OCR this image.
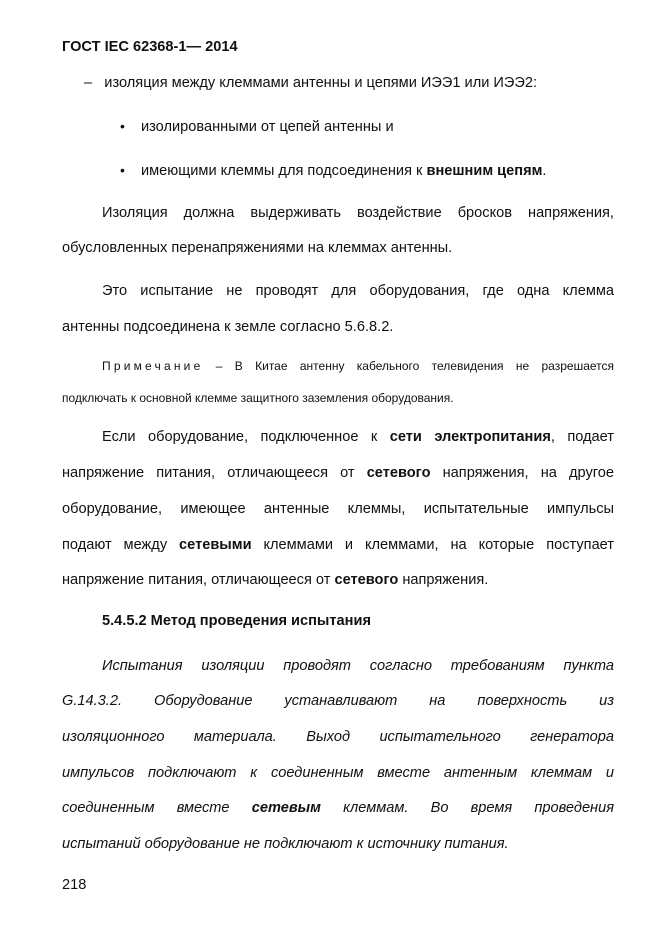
ГОСТ IEC 62368-1— 2014
– изоляция между клеммами антенны и цепями ИЭЭ1 или ИЭЭ2:
• изолированными от цепей антенны и
• имеющими клеммы для подсоединения к внешним цепям.
Изоляция должна выдерживать воздействие бросков напряжения,
обусловленных перенапряжениями на клеммах антенны.
Это испытание не проводят для оборудования, где одна клемма
антенны подсоединена к земле согласно 5.6.8.2.
Примечание – В Китае антенну кабельного телевидения не разрешается
подключать к основной клемме защитного заземления оборудования.
Если оборудование, подключенное к сети электропитания, подает
напряжение питания, отличающееся от сетевого напряжения, на другое
оборудование, имеющее антенные клеммы, испытательные импульсы
подают между сетевыми клеммами и клеммами, на которые поступает
напряжение питания, отличающееся от сетевого напряжения.
5.4.5.2 Метод проведения испытания
Испытания изоляции проводят согласно требованиям пункта
G.14.3.2. Оборудование устанавливают на поверхность из
изоляционного материала. Выход испытательного генератора
импульсов подключают к соединенным вместе антенным клеммам и
соединенным вместе сетевым клеммам. Во время проведения
испытаний оборудование не подключают к источнику питания.
218
